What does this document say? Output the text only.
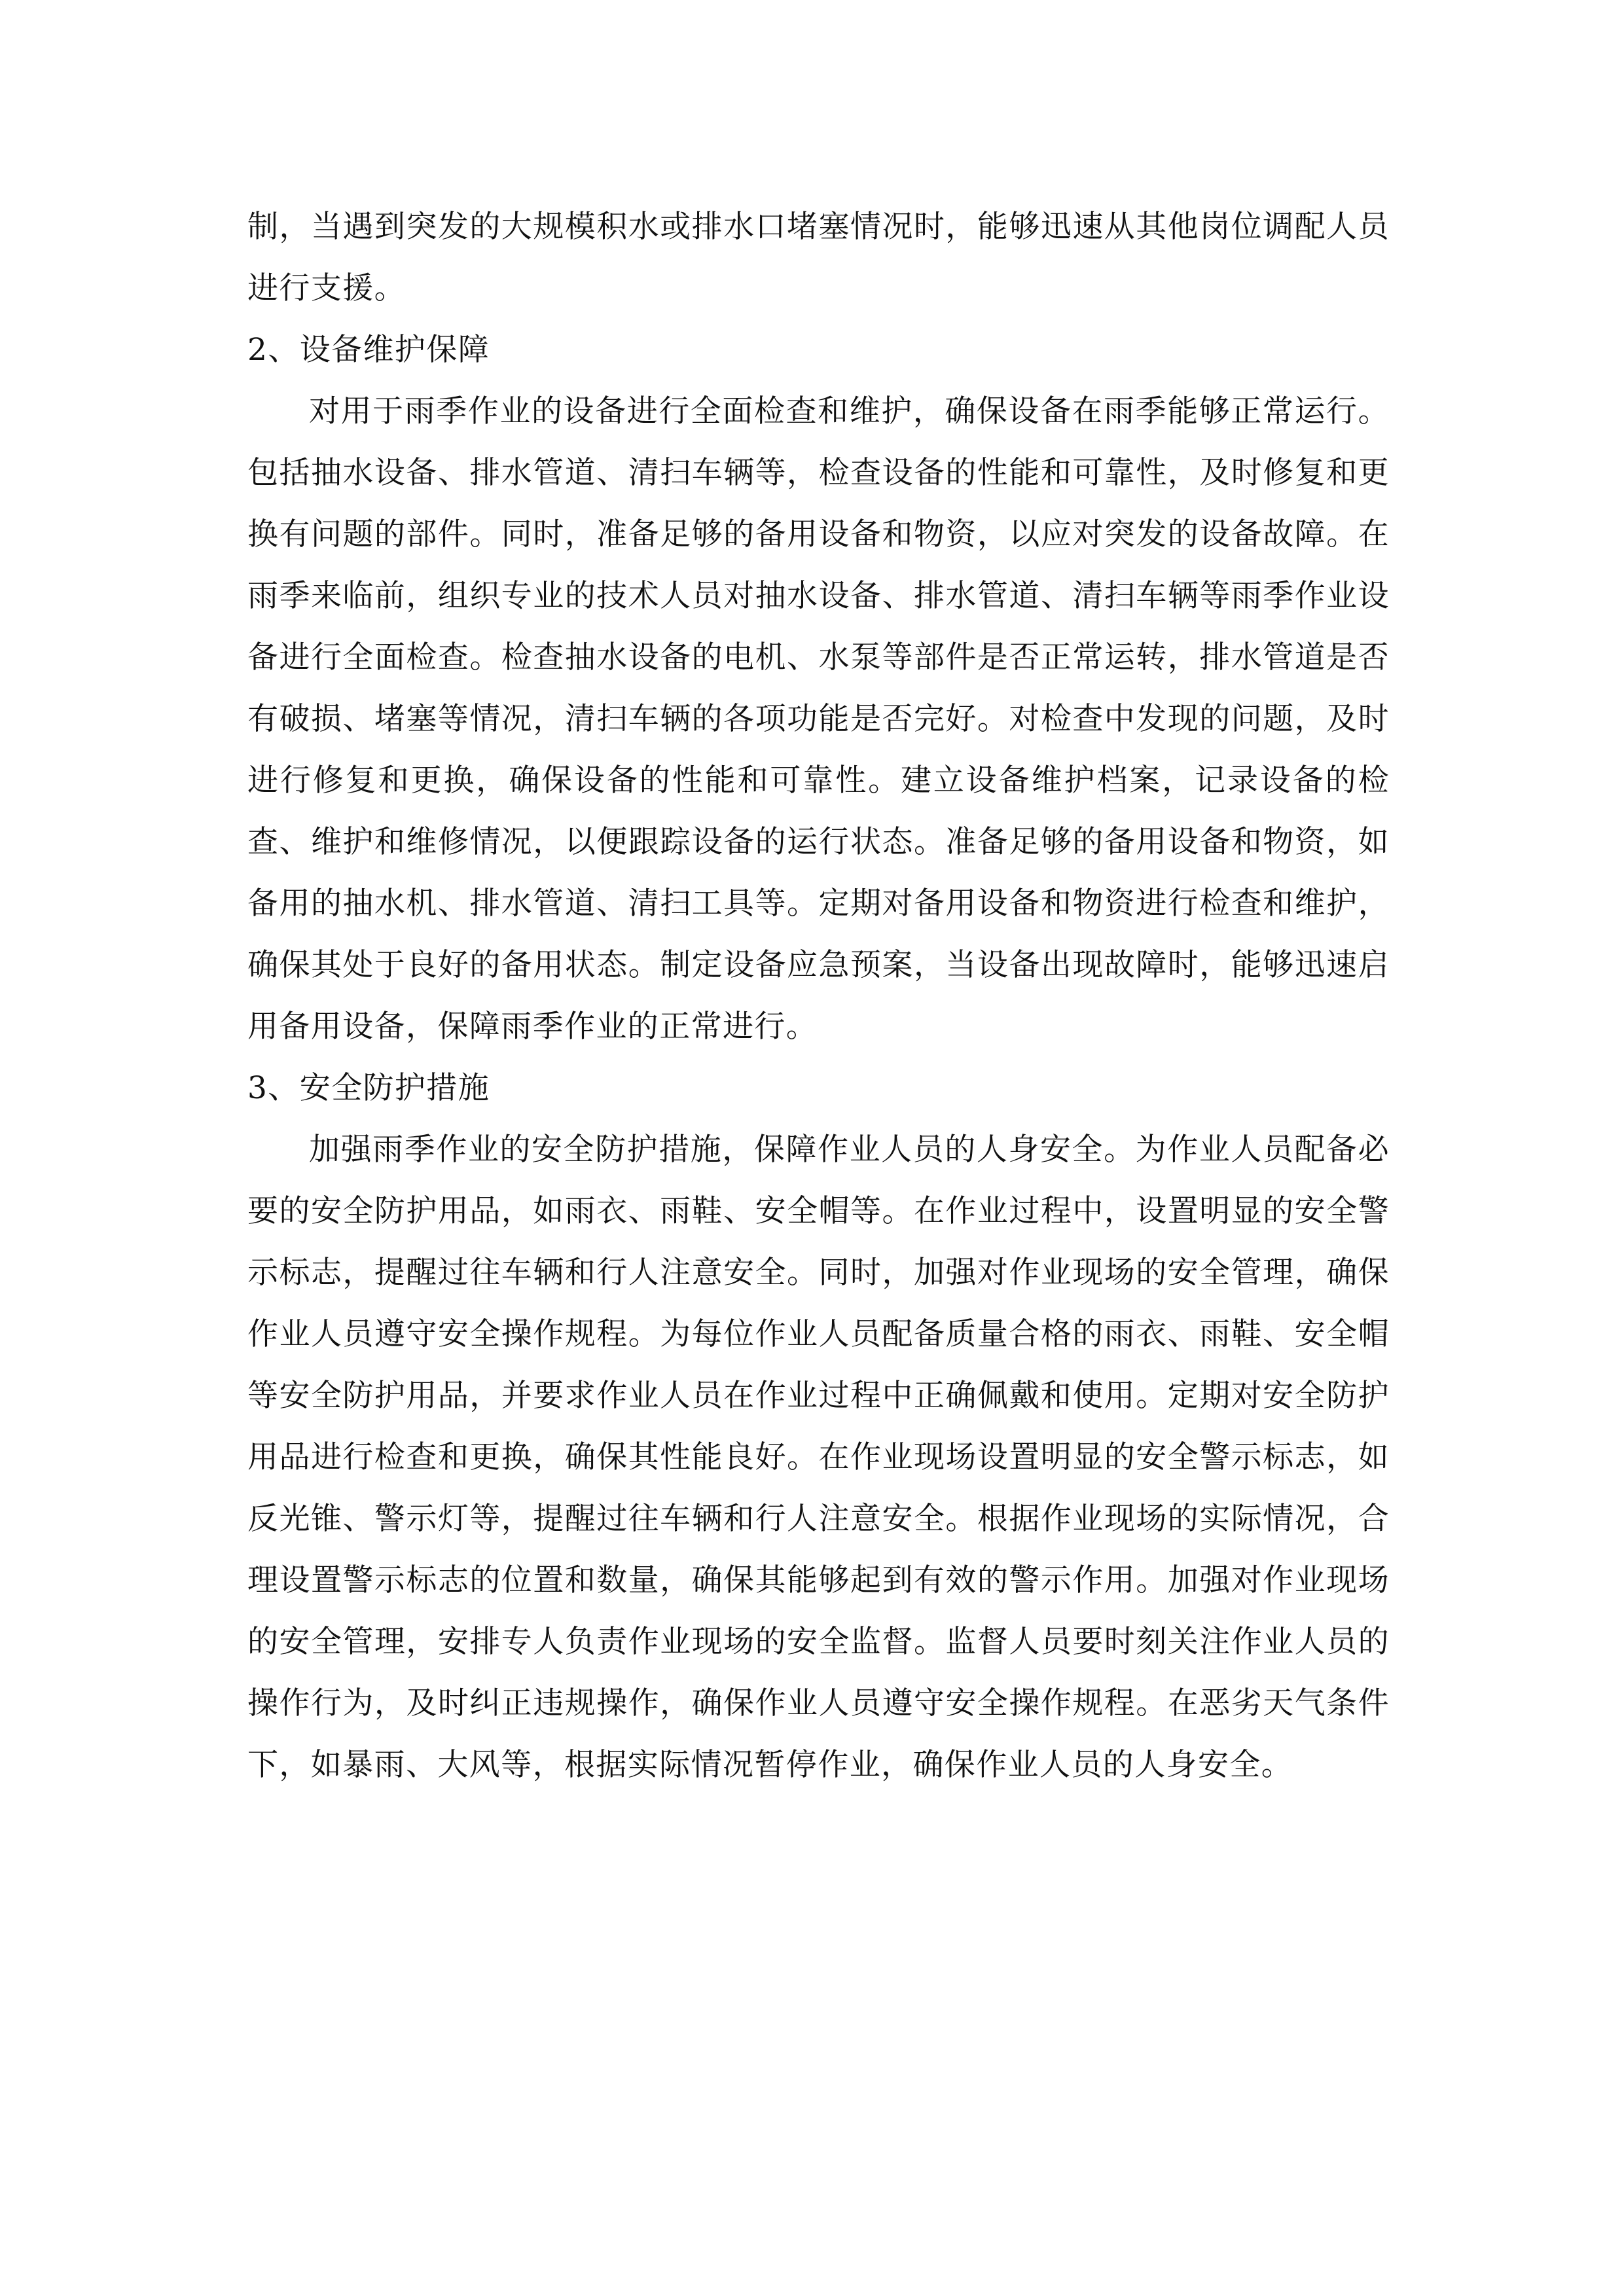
制，当遇到突发的大规模积水或排水口堵塞情况时，能够迅速从其他岗位调配人员进行支援。

2、设备维护保障

对用于雨季作业的设备进行全面检查和维护，确保设备在雨季能够正常运行。包括抽水设备、排水管道、清扫车辆等，检查设备的性能和可靠性，及时修复和更换有问题的部件。同时，准备足够的备用设备和物资，以应对突发的设备故障。在雨季来临前，组织专业的技术人员对抽水设备、排水管道、清扫车辆等雨季作业设备进行全面检查。检查抽水设备的电机、水泵等部件是否正常运转，排水管道是否有破损、堵塞等情况，清扫车辆的各项功能是否完好。对检查中发现的问题，及时进行修复和更换，确保设备的性能和可靠性。建立设备维护档案，记录设备的检查、维护和维修情况，以便跟踪设备的运行状态。准备足够的备用设备和物资，如备用的抽水机、排水管道、清扫工具等。定期对备用设备和物资进行检查和维护，确保其处于良好的备用状态。制定设备应急预案，当设备出现故障时，能够迅速启用备用设备，保障雨季作业的正常进行。

3、安全防护措施

加强雨季作业的安全防护措施，保障作业人员的人身安全。为作业人员配备必要的安全防护用品，如雨衣、雨鞋、安全帽等。在作业过程中，设置明显的安全警示标志，提醒过往车辆和行人注意安全。同时，加强对作业现场的安全管理，确保作业人员遵守安全操作规程。为每位作业人员配备质量合格的雨衣、雨鞋、安全帽等安全防护用品，并要求作业人员在作业过程中正确佩戴和使用。定期对安全防护用品进行检查和更换，确保其性能良好。在作业现场设置明显的安全警示标志，如反光锥、警示灯等，提醒过往车辆和行人注意安全。根据作业现场的实际情况，合理设置警示标志的位置和数量，确保其能够起到有效的警示作用。加强对作业现场的安全管理，安排专人负责作业现场的安全监督。监督人员要时刻关注作业人员的操作行为，及时纠正违规操作，确保作业人员遵守安全操作规程。在恶劣天气条件下，如暴雨、大风等，根据实际情况暂停作业，确保作业人员的人身安全。
